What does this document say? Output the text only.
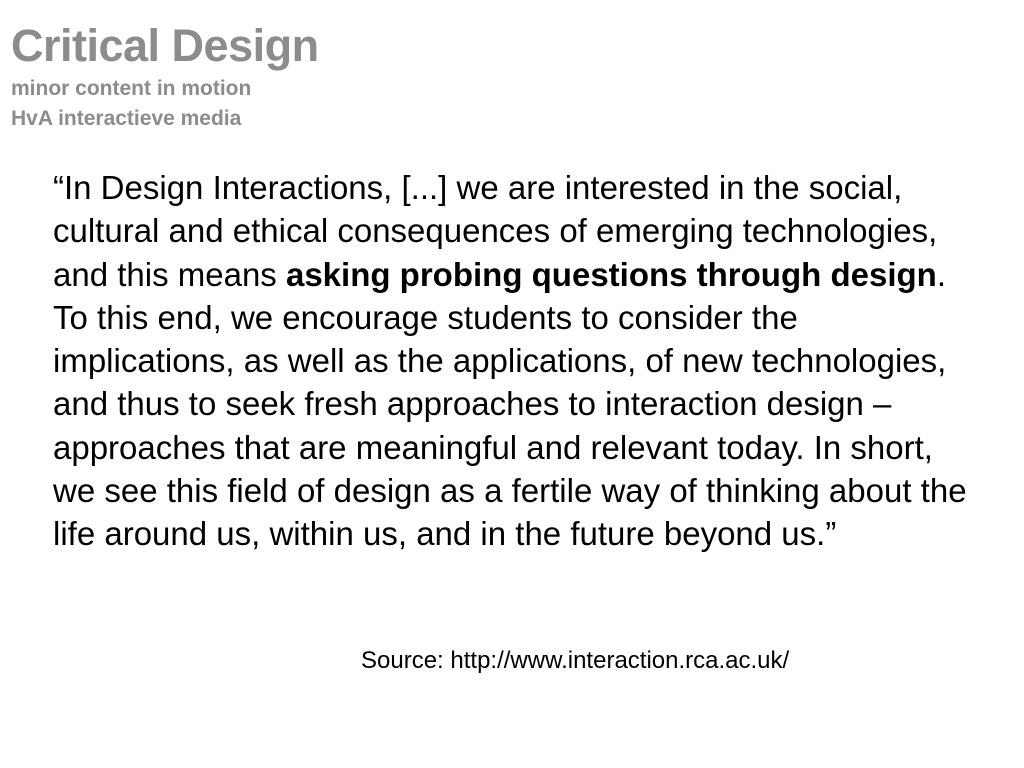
Critical Design

minor content in motion

HvA interactieve media

“In Design Interactions, [...] we are interested in the social, cultural and ethical consequences of emerging technologies, and this means asking probing questions through design. To this end, we encourage students to consider the implications, as well as the applications, of new technologies, and thus to seek fresh approaches to interaction design – approaches that are meaningful and relevant today. In short, we see this field of design as a fertile way of thinking about the life around us, within us, and in the future beyond us.”

Source: http://www.interaction.rca.ac.uk/
